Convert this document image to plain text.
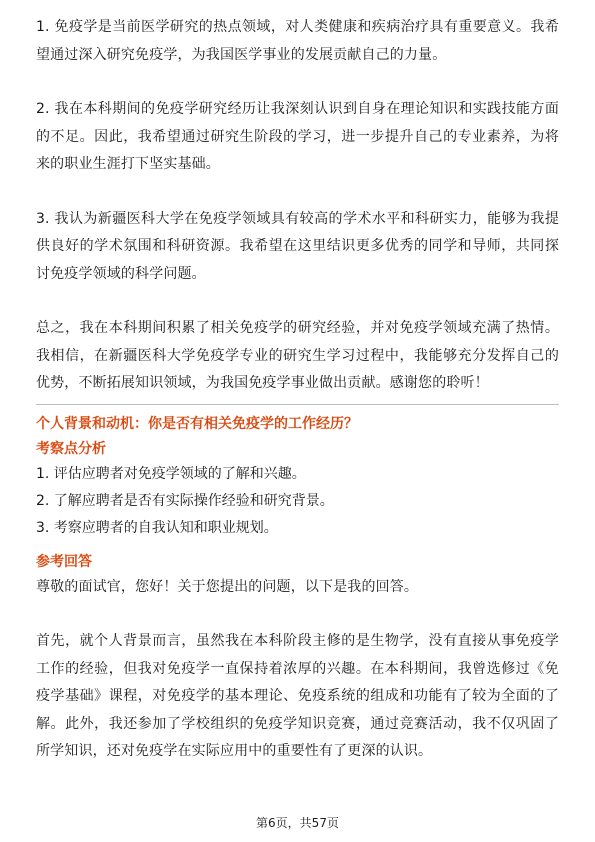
1. 免疫学是当前医学研究的热点领域，对人类健康和疾病治疗具有重要意义。我希望通过深入研究免疫学，为我国医学事业的发展贡献自己的力量。

2. 我在本科期间的免疫学研究经历让我深刻认识到自身在理论知识和实践技能方面的不足。因此，我希望通过研究生阶段的学习，进一步提升自己的专业素养，为将来的职业生涯打下坚实基础。

3. 我认为新疆医科大学在免疫学领域具有较高的学术水平和科研实力，能够为我提供良好的学术氛围和科研资源。我希望在这里结识更多优秀的同学和导师，共同探讨免疫学领域的科学问题。

总之，我在本科期间积累了相关免疫学的研究经验，并对免疫学领域充满了热情。我相信，在新疆医科大学免疫学专业的研究生学习过程中，我能够充分发挥自己的优势，不断拓展知识领域，为我国免疫学事业做出贡献。感谢您的聆听！

个人背景和动机：你是否有相关免疫学的工作经历？

考察点分析

1. 评估应聘者对免疫学领域的了解和兴趣。

2. 了解应聘者是否有实际操作经验和研究背景。

3. 考察应聘者的自我认知和职业规划。

参考回答

尊敬的面试官，您好！关于您提出的问题，以下是我的回答。

首先，就个人背景而言，虽然我在本科阶段主修的是生物学，没有直接从事免疫学工作的经验，但我对免疫学一直保持着浓厚的兴趣。在本科期间，我曾选修过《免疫学基础》课程，对免疫学的基本理论、免疫系统的组成和功能有了较为全面的了解。此外，我还参加了学校组织的免疫学知识竞赛，通过竞赛活动，我不仅巩固了所学知识，还对免疫学在实际应用中的重要性有了更深的认识。

第6页，共57页
